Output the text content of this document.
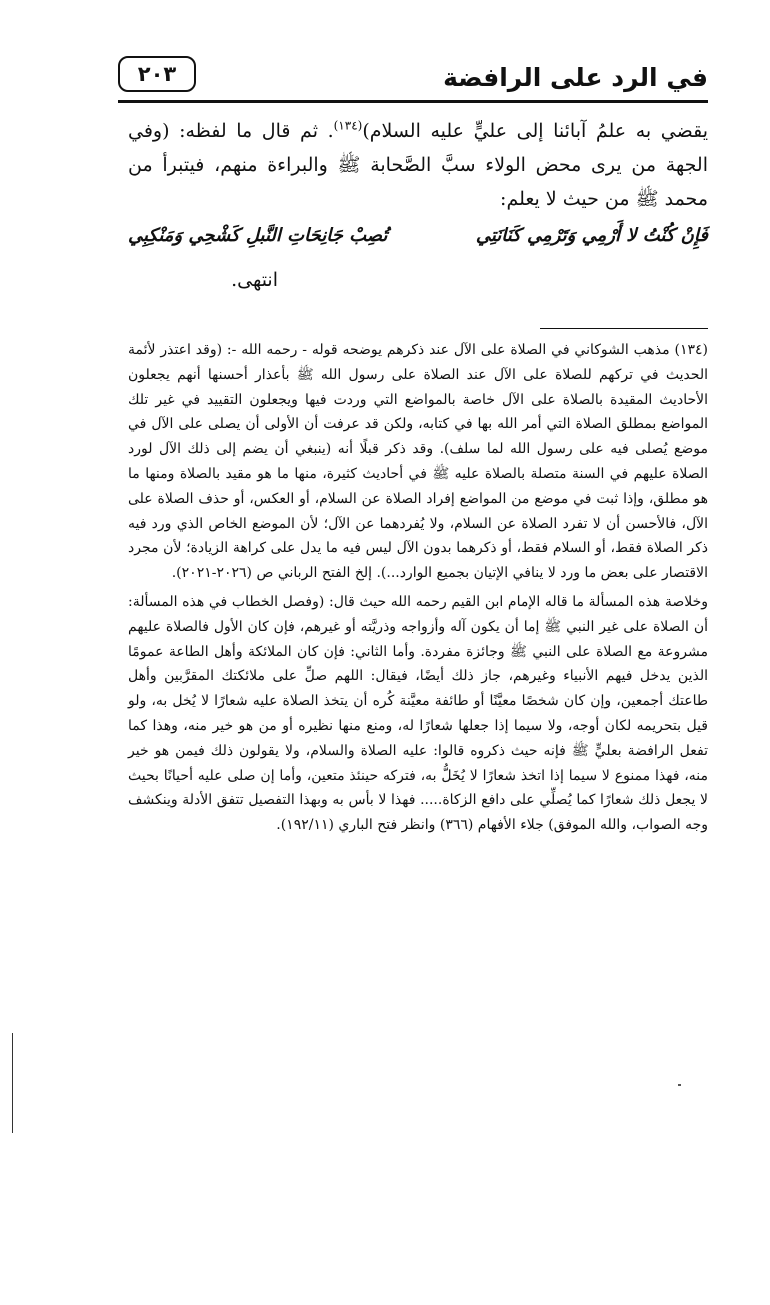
في الرد على الرافضة
٢٠٣

يقضي به علمُ آبائنا إلى عليٍّ عليه السلام)$^{(١٣٤)}$. ثم قال ما لفظه: (وفي الجهة من يرى محض الولاء سبَّ الصَّحابة ﷺ والبراءة منهم، فيتبرأ من محمد ﷺ من حيث لا يعلم:

فَإِنْ كُنْتُ لا أَرْمِي وَتَرْمِي كَنَانَتِي
تُصِبْ جَانِحَاتِ النَّبلِ كَشْحِي وَمَنْكِبِي
انتهى.

(١٣٤) مذهب الشوكاني في الصلاة على الآل عند ذكرهم يوضحه قوله - رحمه الله -: (وقد اعتذر لأئمة الحديث في تركهم للصلاة على الآل عند الصلاة على رسول الله ﷺ بأعذار أحسنها أنهم يجعلون الأحاديث المقيدة بالصلاة على الآل خاصة بالمواضع التي وردت فيها ويجعلون التقييد في غير تلك المواضع بمطلق الصلاة التي أمر الله بها في كتابه، ولكن قد عرفت أن الأولى أن يصلى على الآل في موضع يُصلى فيه على رسول الله لما سلف). وقد ذكر قبلًا أنه (ينبغي أن يضم إلى ذلك الآل لورد الصلاة عليهم في السنة متصلة بالصلاة عليه ﷺ في أحاديث كثيرة، منها ما هو مقيد بالصلاة ومنها ما هو مطلق، وإذا ثبت في موضع من المواضع إفراد الصلاة عن السلام، أو العكس، أو حذف الصلاة على الآل، فالأحسن أن لا تفرد الصلاة عن السلام، ولا يُفردهما عن الآل؛ لأن الموضع الخاص الذي ورد فيه ذكر الصلاة فقط، أو السلام فقط، أو ذكرهما بدون الآل ليس فيه ما يدل على كراهة الزيادة؛ لأن مجرد الاقتصار على بعض ما ورد لا ينافي الإتيان بجميع الوارد...). إلخ الفتح الرباني ص (٢٠٢٦-٢٠٢١).

وخلاصة هذه المسألة ما قاله الإمام ابن القيم رحمه الله حيث قال: (وفصل الخطاب في هذه المسألة: أن الصلاة على غير النبي ﷺ إما أن يكون آله وأزواجه وذريَّته أو غيرهم، فإن كان الأول فالصلاة عليهم مشروعة مع الصلاة على النبي ﷺ وجائزة مفردة. وأما الثاني: فإن كان الملائكة وأهل الطاعة عمومًا الذين يدخل فيهم الأنبياء وغيرهم، جاز ذلك أيضًا، فيقال: اللهم صلِّ على ملائكتك المقرَّبين وأهل طاعتك أجمعين، وإن كان شخصًا معيَّنًا أو طائفة معيَّنة كُره أن يتخذ الصلاة عليه شعارًا لا يُخل به، ولو قيل بتحريمه لكان أوجه، ولا سيما إذا جعلها شعارًا له، ومنع منها نظيره أو من هو خير منه، وهذا كما تفعل الرافضة بعليٍّ ﷺ فإنه حيث ذكروه قالوا: عليه الصلاة والسلام، ولا يقولون ذلك فيمن هو خير منه، فهذا ممنوع لا سيما إذا اتخذ شعارًا لا يُخَلُّ به، فتركه حينئذ متعين، وأما إن صلى عليه أحيانًا بحيث لا يجعل ذلك شعارًا كما يُصلِّي على دافع الزكاة..... فهذا لا بأس به وبهذا التفصيل تتفق الأدلة وينكشف وجه الصواب، والله الموفق) جلاء الأفهام (٣٦٦) وانظر فتح الباري (١٩٢/١١).
